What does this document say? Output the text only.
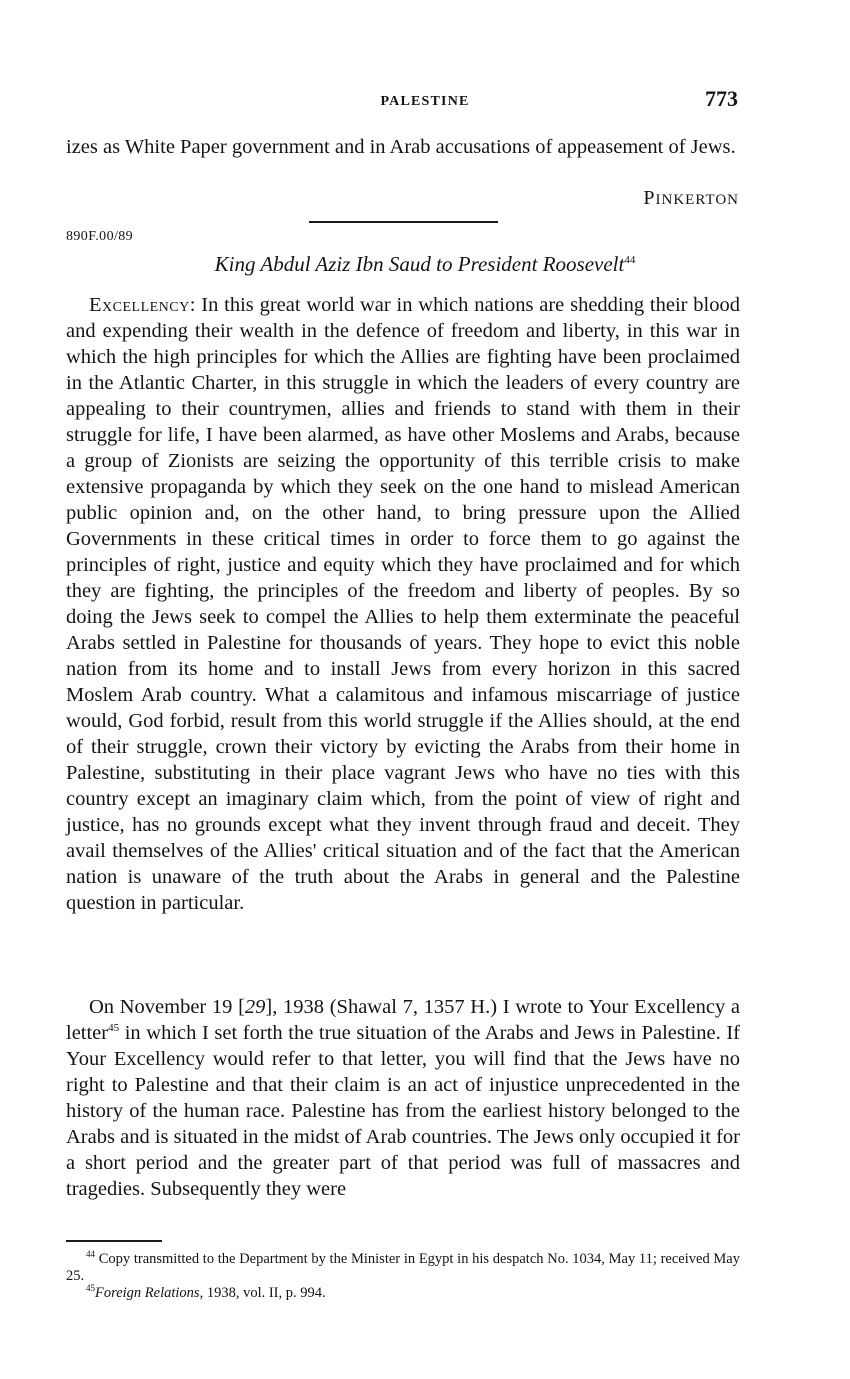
PALESTINE	773
izes as White Paper government and in Arab accusations of appeasement of Jews.
PINKERTON
890F.00/89
King Abdul Aziz Ibn Saud to President Roosevelt$^{44}$
Excellency: In this great world war in which nations are shedding their blood and expending their wealth in the defence of freedom and liberty, in this war in which the high principles for which the Allies are fighting have been proclaimed in the Atlantic Charter, in this struggle in which the leaders of every country are appealing to their countrymen, allies and friends to stand with them in their struggle for life, I have been alarmed, as have other Moslems and Arabs, because a group of Zionists are seizing the opportunity of this terrible crisis to make extensive propaganda by which they seek on the one hand to mislead American public opinion and, on the other hand, to bring pressure upon the Allied Governments in these critical times in order to force them to go against the principles of right, justice and equity which they have proclaimed and for which they are fighting, the principles of the freedom and liberty of peoples. By so doing the Jews seek to compel the Allies to help them exterminate the peaceful Arabs settled in Palestine for thousands of years. They hope to evict this noble nation from its home and to install Jews from every horizon in this sacred Moslem Arab country. What a calamitous and infamous miscarriage of justice would, God forbid, result from this world struggle if the Allies should, at the end of their struggle, crown their victory by evicting the Arabs from their home in Palestine, substituting in their place vagrant Jews who have no ties with this country except an imaginary claim which, from the point of view of right and justice, has no grounds except what they invent through fraud and deceit. They avail themselves of the Allies' critical situation and of the fact that the American nation is unaware of the truth about the Arabs in general and the Palestine question in particular.
On November 19 [29], 1938 (Shawal 7, 1357 H.) I wrote to Your Excellency a letter$^{45}$ in which I set forth the true situation of the Arabs and Jews in Palestine. If Your Excellency would refer to that letter, you will find that the Jews have no right to Palestine and that their claim is an act of injustice unprecedented in the history of the human race. Palestine has from the earliest history belonged to the Arabs and is situated in the midst of Arab countries. The Jews only occupied it for a short period and the greater part of that period was full of massacres and tragedies. Subsequently they were

$^{44}$ Copy transmitted to the Department by the Minister in Egypt in his despatch No. 1034, May 11; received May 25.

$^{45}$Foreign Relations, 1938, vol. II, p. 994.
